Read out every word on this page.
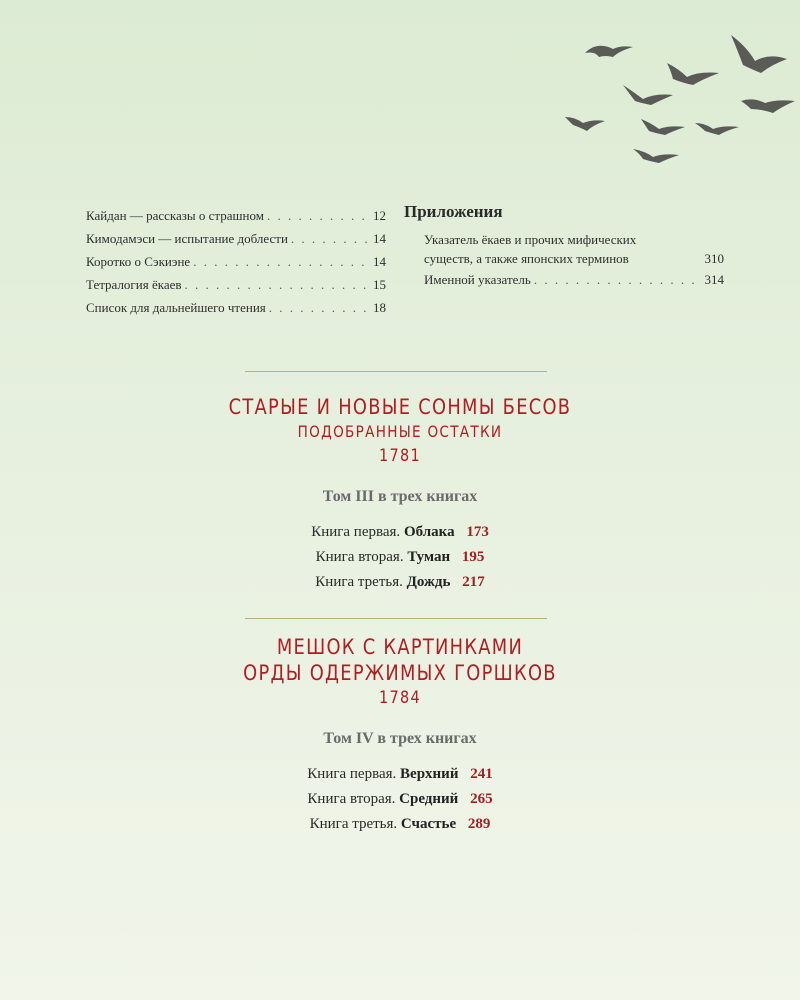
Кайдан — рассказы о страшном . . .	12
Кимодамэси — испытание доблести . . .	14
Коротко о Сэкиэне . . .	14
Тетралогия ёкаев . . .	15
Список для дальнейшего чтения . . .	18
Приложения
Указатель ёкаев и прочих мифических
существ, а также японских терминов	310
Именной указатель . . .	314
СТАРЫЕ И НОВЫЕ СОНМЫ БЕСОВ
ПОДОБРАННЫЕ ОСТАТКИ
1781
Том III в трех книгах
Книга первая. Облака 173
Книга вторая. Туман 195
Книга третья. Дождь 217
МЕШОК С КАРТИНКАМИ
ОРДЫ ОДЕРЖИМЫХ ГОРШКОВ
1784
Том IV в трех книгах
Книга первая. Верхний 241
Книга вторая. Средний 265
Книга третья. Счастье 289
